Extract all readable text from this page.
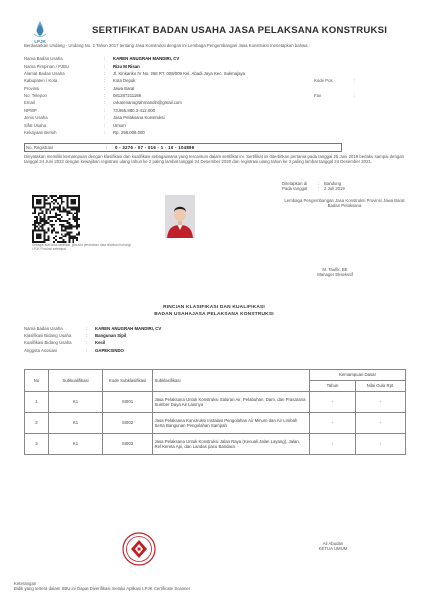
LPJK
SERTIFIKAT BADAN USAHA JASA PELAKSANA KONSTRUKSI
Berdasarkan Undang - Undang No. 2 Tahun 2017 tentang Jasa Konstruksi dengan ini Lembaga Pengembangan Jasa Konstruksi menetapkan bahwa :
Nama Badan Usaha	:	KAREN ANUGRAH MANDIRI, CV		
Nama Pimpinan / PJBU	:	Rizu M Risan		
Alamat Badan Usaha	:	Jl. Kinkariko IV No. 268 RT. 008/009 Kel. Abadi Jaya Kec. Sukmajaya		
Kabupaten / Kota	:	Kota Depok	Kode Pos	:
Provinsi	:	Jawa Barat		
No. Telepon	:	081287211169	Fax	:
Email	:	cvkarenanugrahmandiri@gmail.com		
NPWP	:	73.855.880.3-412.000		
Jenis Usaha	:	Jasa Pelaksana Konstruksi		
Sifat Usaha	:	Umum		
Kekayaan Bersih	:	Rp. 298.008.000		
No. Registrasi	:	0 - 3276 - 07 - 016 - 1 - 10 - 104899
Dinyatakan memiliki kemampuan dengan klasifikasi dan kualifikasi sebagaimana yang tercantum dalam sertifikat ini. Sertifikat ini diterbitkan pertama pada tanggal 25 Juni 2019 berlaku sampai dengan tanggal 24 Juni 2022 dengan kewajiban registrasi ulang tahun ke 2 paling lambat tanggal 24 Desember 2020 dan registrasi ulang tahun ke 3 paling lambat tanggal 24 Desember 2021.
Sebagai alat bukti sertifikat, jika ada perubahan data silahkan hubungi LPJK Provinsi setempat
Ditetapkan di	:	Bandung
Pada tanggal	:	2 Juli 2019
Lembaga Pengembangan Jasa Konstruksi Provinsi Jawa Barat Badan Pelaksana
M. Taufik, BE
Manager Eksekutif
RINCIAN KLASIFIKASI DAN KUALIFIKASI
BADAN USAHAJASA PELAKSANA KONSTRUKSI
Nama Badan Usaha	:	KAREN ANUGRAH MANDIRI, CV
Klasifikasi Bidang Usaha	:	Bangunan Sipil
Kualifikasi Bidang Usaha	:	Kecil
Anggota Asosiasi	:	GAPEKSINDO
No	Subkualifikasi	Kode Subklasifikasi	Subklasifikasi	Kemampuan Dasar	
				Tahun	Nilai Gula Rpt.
1	K1	SI001	Jasa Pelaksana Untuk Konstruksi Saluran Air, Pelabuhan, Dam, dan Prasarana Sumber Daya Air Lainnya	-	-
2	K1	SI002	Jasa Pelaksana Konstruksi Instalasi Pengolahan Air Minum dan Air Limbah Serta Bangunan Pengolahan Sampah	-	-
3	K1	SI003	Jasa Pelaksana Untuk Konstruksi Jalan Raya (Kecuali Jalan Layang), Jalan, Rel Kereta Api, dan Landas pacu Bandara	-	-
Ali Abudan
KETUA UMUM
Keterangan
Bidik yang tertera dalam SBU ini Dapat Diverifikasi melalui Aplikasi LPJK Certificate Scanner
